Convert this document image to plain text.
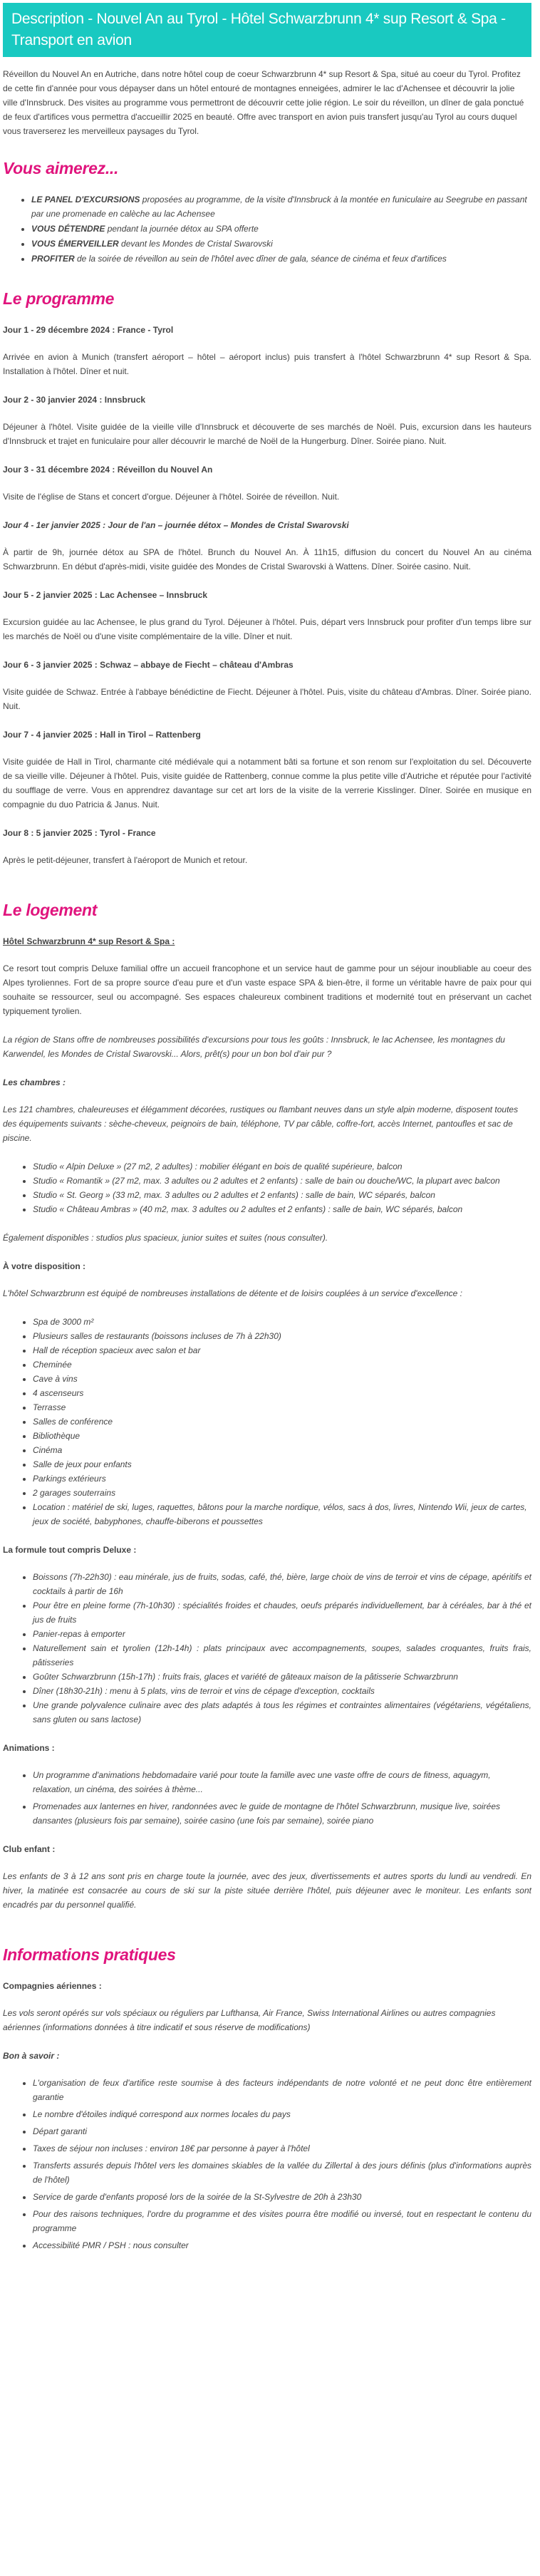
Description - Nouvel An au Tyrol - Hôtel Schwarzbrunn 4* sup Resort & Spa - Transport en avion

Réveillon du Nouvel An en Autriche, dans notre hôtel coup de coeur Schwarzbrunn 4* sup Resort & Spa, situé au coeur du Tyrol. Profitez de cette fin d'année pour vous dépayser dans un hôtel entouré de montagnes enneigées, admirer le lac d'Achensee et découvrir la jolie ville d'Innsbruck. Des visites au programme vous permettront de découvrir cette jolie région. Le soir du réveillon, un dîner de gala ponctué de feux d'artifices vous permettra d'accueillir 2025 en beauté. Offre avec transport en avion puis transfert jusqu'au Tyrol au cours duquel vous traverserez les merveilleux paysages du Tyrol.

Vous aimerez...
• LE PANEL D'EXCURSIONS proposées au programme, de la visite d'Innsbruck à la montée en funiculaire au Seegrube en passant par une promenade en calèche au lac Achensee
• VOUS DÉTENDRE pendant la journée détox au SPA offerte
• VOUS ÉMERVEILLER devant les Mondes de Cristal Swarovski
• PROFITER de la soirée de réveillon au sein de l'hôtel avec dîner de gala, séance de cinéma et feux d'artifices
Le programme
Jour 1 - 29 décembre 2024 : France - Tyrol

Arrivée en avion à Munich (transfert aéroport – hôtel – aéroport inclus) puis transfert à l'hôtel Schwarzbrunn 4* sup Resort & Spa. Installation à l'hôtel. Dîner et nuit.

Jour 2 - 30 janvier 2024 : Innsbruck

Déjeuner à l'hôtel. Visite guidée de la vieille ville d'Innsbruck et découverte de ses marchés de Noël. Puis, excursion dans les hauteurs d'Innsbruck et trajet en funiculaire pour aller découvrir le marché de Noël de la Hungerburg. Dîner. Soirée piano. Nuit.

Jour 3 - 31 décembre 2024 : Réveillon du Nouvel An

Visite de l'église de Stans et concert d'orgue. Déjeuner à l'hôtel. Soirée de réveillon. Nuit.

Jour 4 - 1er janvier 2025 : Jour de l'an – journée détox – Mondes de Cristal Swarovski

À partir de 9h, journée détox au SPA de l'hôtel. Brunch du Nouvel An. À 11h15, diffusion du concert du Nouvel An au cinéma Schwarzbrunn. En début d'après-midi, visite guidée des Mondes de Cristal Swarovski à Wattens. Dîner. Soirée casino. Nuit.

Jour 5 - 2 janvier 2025 : Lac Achensee – Innsbruck

Excursion guidée au lac Achensee, le plus grand du Tyrol. Déjeuner à l'hôtel. Puis, départ vers Innsbruck pour profiter d'un temps libre sur les marchés de Noël ou d'une visite complémentaire de la ville. Dîner et nuit.

Jour 6 - 3 janvier 2025 : Schwaz – abbaye de Fiecht – château d'Ambras

Visite guidée de Schwaz. Entrée à l'abbaye bénédictine de Fiecht. Déjeuner à l'hôtel. Puis, visite du château d'Ambras. Dîner. Soirée piano. Nuit.

Jour 7 - 4 janvier 2025 : Hall in Tirol – Rattenberg

Visite guidée de Hall in Tirol, charmante cité médiévale qui a notamment bâti sa fortune et son renom sur l'exploitation du sel. Découverte de sa vieille ville. Déjeuner à l'hôtel. Puis, visite guidée de Rattenberg, connue comme la plus petite ville d'Autriche et réputée pour l'activité du soufflage de verre. Vous en apprendrez davantage sur cet art lors de la visite de la verrerie Kisslinger. Dîner. Soirée en musique en compagnie du duo Patricia & Janus. Nuit.

Jour 8 : 5 janvier 2025 : Tyrol - France

Après le petit-déjeuner, transfert à l'aéroport de Munich et retour.

Le logement
Hôtel Schwarzbrunn 4* sup Resort & Spa :

Ce resort tout compris Deluxe familial offre un accueil francophone et un service haut de gamme pour un séjour inoubliable au coeur des Alpes tyroliennes. Fort de sa propre source d'eau pure et d'un vaste espace SPA & bien-être, il forme un véritable havre de paix pour qui souhaite se ressourcer, seul ou accompagné. Ses espaces chaleureux combinent traditions et modernité tout en préservant un cachet typiquement tyrolien.

La région de Stans offre de nombreuses possibilités d'excursions pour tous les goûts : Innsbruck, le lac Achensee, les montagnes du Karwendel, les Mondes de Cristal Swarovski... Alors, prêt(s) pour un bon bol d'air pur ?

Les chambres :

Les 121 chambres, chaleureuses et élégamment décorées, rustiques ou flambant neuves dans un style alpin moderne, disposent toutes des équipements suivants : sèche-cheveux, peignoirs de bain, téléphone, TV par câble, coffre-fort, accès Internet, pantoufles et sac de piscine.

• Studio « Alpin Deluxe » (27 m2, 2 adultes) : mobilier élégant en bois de qualité supérieure, balcon
• Studio « Romantik » (27 m2, max. 3 adultes ou 2 adultes et 2 enfants) : salle de bain ou douche/WC, la plupart avec balcon
• Studio « St. Georg » (33 m2, max. 3 adultes ou 2 adultes et 2 enfants) : salle de bain, WC séparés, balcon
• Studio « Château Ambras » (40 m2, max. 3 adultes ou 2 adultes et 2 enfants) : salle de bain, WC séparés, balcon

Également disponibles : studios plus spacieux, junior suites et suites (nous consulter).

À votre disposition :

L'hôtel Schwarzbrunn est équipé de nombreuses installations de détente et de loisirs couplées à un service d'excellence :

• Spa de 3000 m²
• Plusieurs salles de restaurants (boissons incluses de 7h à 22h30)
• Hall de réception spacieux avec salon et bar
• Cheminée
• Cave à vins
• 4 ascenseurs
• Terrasse
• Salles de conférence
• Bibliothèque
• Cinéma
• Salle de jeux pour enfants
• Parkings extérieurs
• 2 garages souterrains
• Location : matériel de ski, luges, raquettes, bâtons pour la marche nordique, vélos, sacs à dos, livres, Nintendo Wii, jeux de cartes, jeux de société, babyphones, chauffe-biberons et poussettes
La formule tout compris Deluxe :
• Boissons (7h-22h30) : eau minérale, jus de fruits, sodas, café, thé, bière, large choix de vins de terroir et vins de cépage, apéritifs et cocktails à partir de 16h
• Pour être en pleine forme (7h-10h30) : spécialités froides et chaudes, oeufs préparés individuellement, bar à céréales, bar à thé et jus de fruits
• Panier-repas à emporter
• Naturellement sain et tyrolien (12h-14h) : plats principaux avec accompagnements, soupes, salades croquantes, fruits frais, pâtisseries
• Goûter Schwarzbrunn (15h-17h) : fruits frais, glaces et variété de gâteaux maison de la pâtisserie Schwarzbrunn
• Dîner (18h30-21h) : menu à 5 plats, vins de terroir et vins de cépage d'exception, cocktails
• Une grande polyvalence culinaire avec des plats adaptés à tous les régimes et contraintes alimentaires (végétariens, végétaliens, sans gluten ou sans lactose)
Animations :
• Un programme d'animations hebdomadaire varié pour toute la famille avec une vaste offre de cours de fitness, aquagym, relaxation, un cinéma, des soirées à thème...
• Promenades aux lanternes en hiver, randonnées avec le guide de montagne de l'hôtel Schwarzbrunn, musique live, soirées dansantes (plusieurs fois par semaine), soirée casino (une fois par semaine), soirée piano
Club enfant :

Les enfants de 3 à 12 ans sont pris en charge toute la journée, avec des jeux, divertissements et autres sports du lundi au vendredi. En hiver, la matinée est consacrée au cours de ski sur la piste située derrière l'hôtel, puis déjeuner avec le moniteur. Les enfants sont encadrés par du personnel qualifié.

Informations pratiques
Compagnies aériennes :

Les vols seront opérés sur vols spéciaux ou réguliers par Lufthansa, Air France, Swiss International Airlines ou autres compagnies aériennes (informations données à titre indicatif et sous réserve de modifications)

Bon à savoir :
• L'organisation de feux d'artifice reste soumise à des facteurs indépendants de notre volonté et ne peut donc être entièrement garantie
• Le nombre d'étoiles indiqué correspond aux normes locales du pays
• Départ garanti
• Taxes de séjour non incluses : environ 18€ par personne à payer à l'hôtel
• Transferts assurés depuis l'hôtel vers les domaines skiables de la vallée du Zillertal à des jours définis (plus d'informations auprès de l'hôtel)
• Service de garde d'enfants proposé lors de la soirée de la St-Sylvestre de 20h à 23h30
• Pour des raisons techniques, l'ordre du programme et des visites pourra être modifié ou inversé, tout en respectant le contenu du programme
• Accessibilité PMR / PSH : nous consulter
